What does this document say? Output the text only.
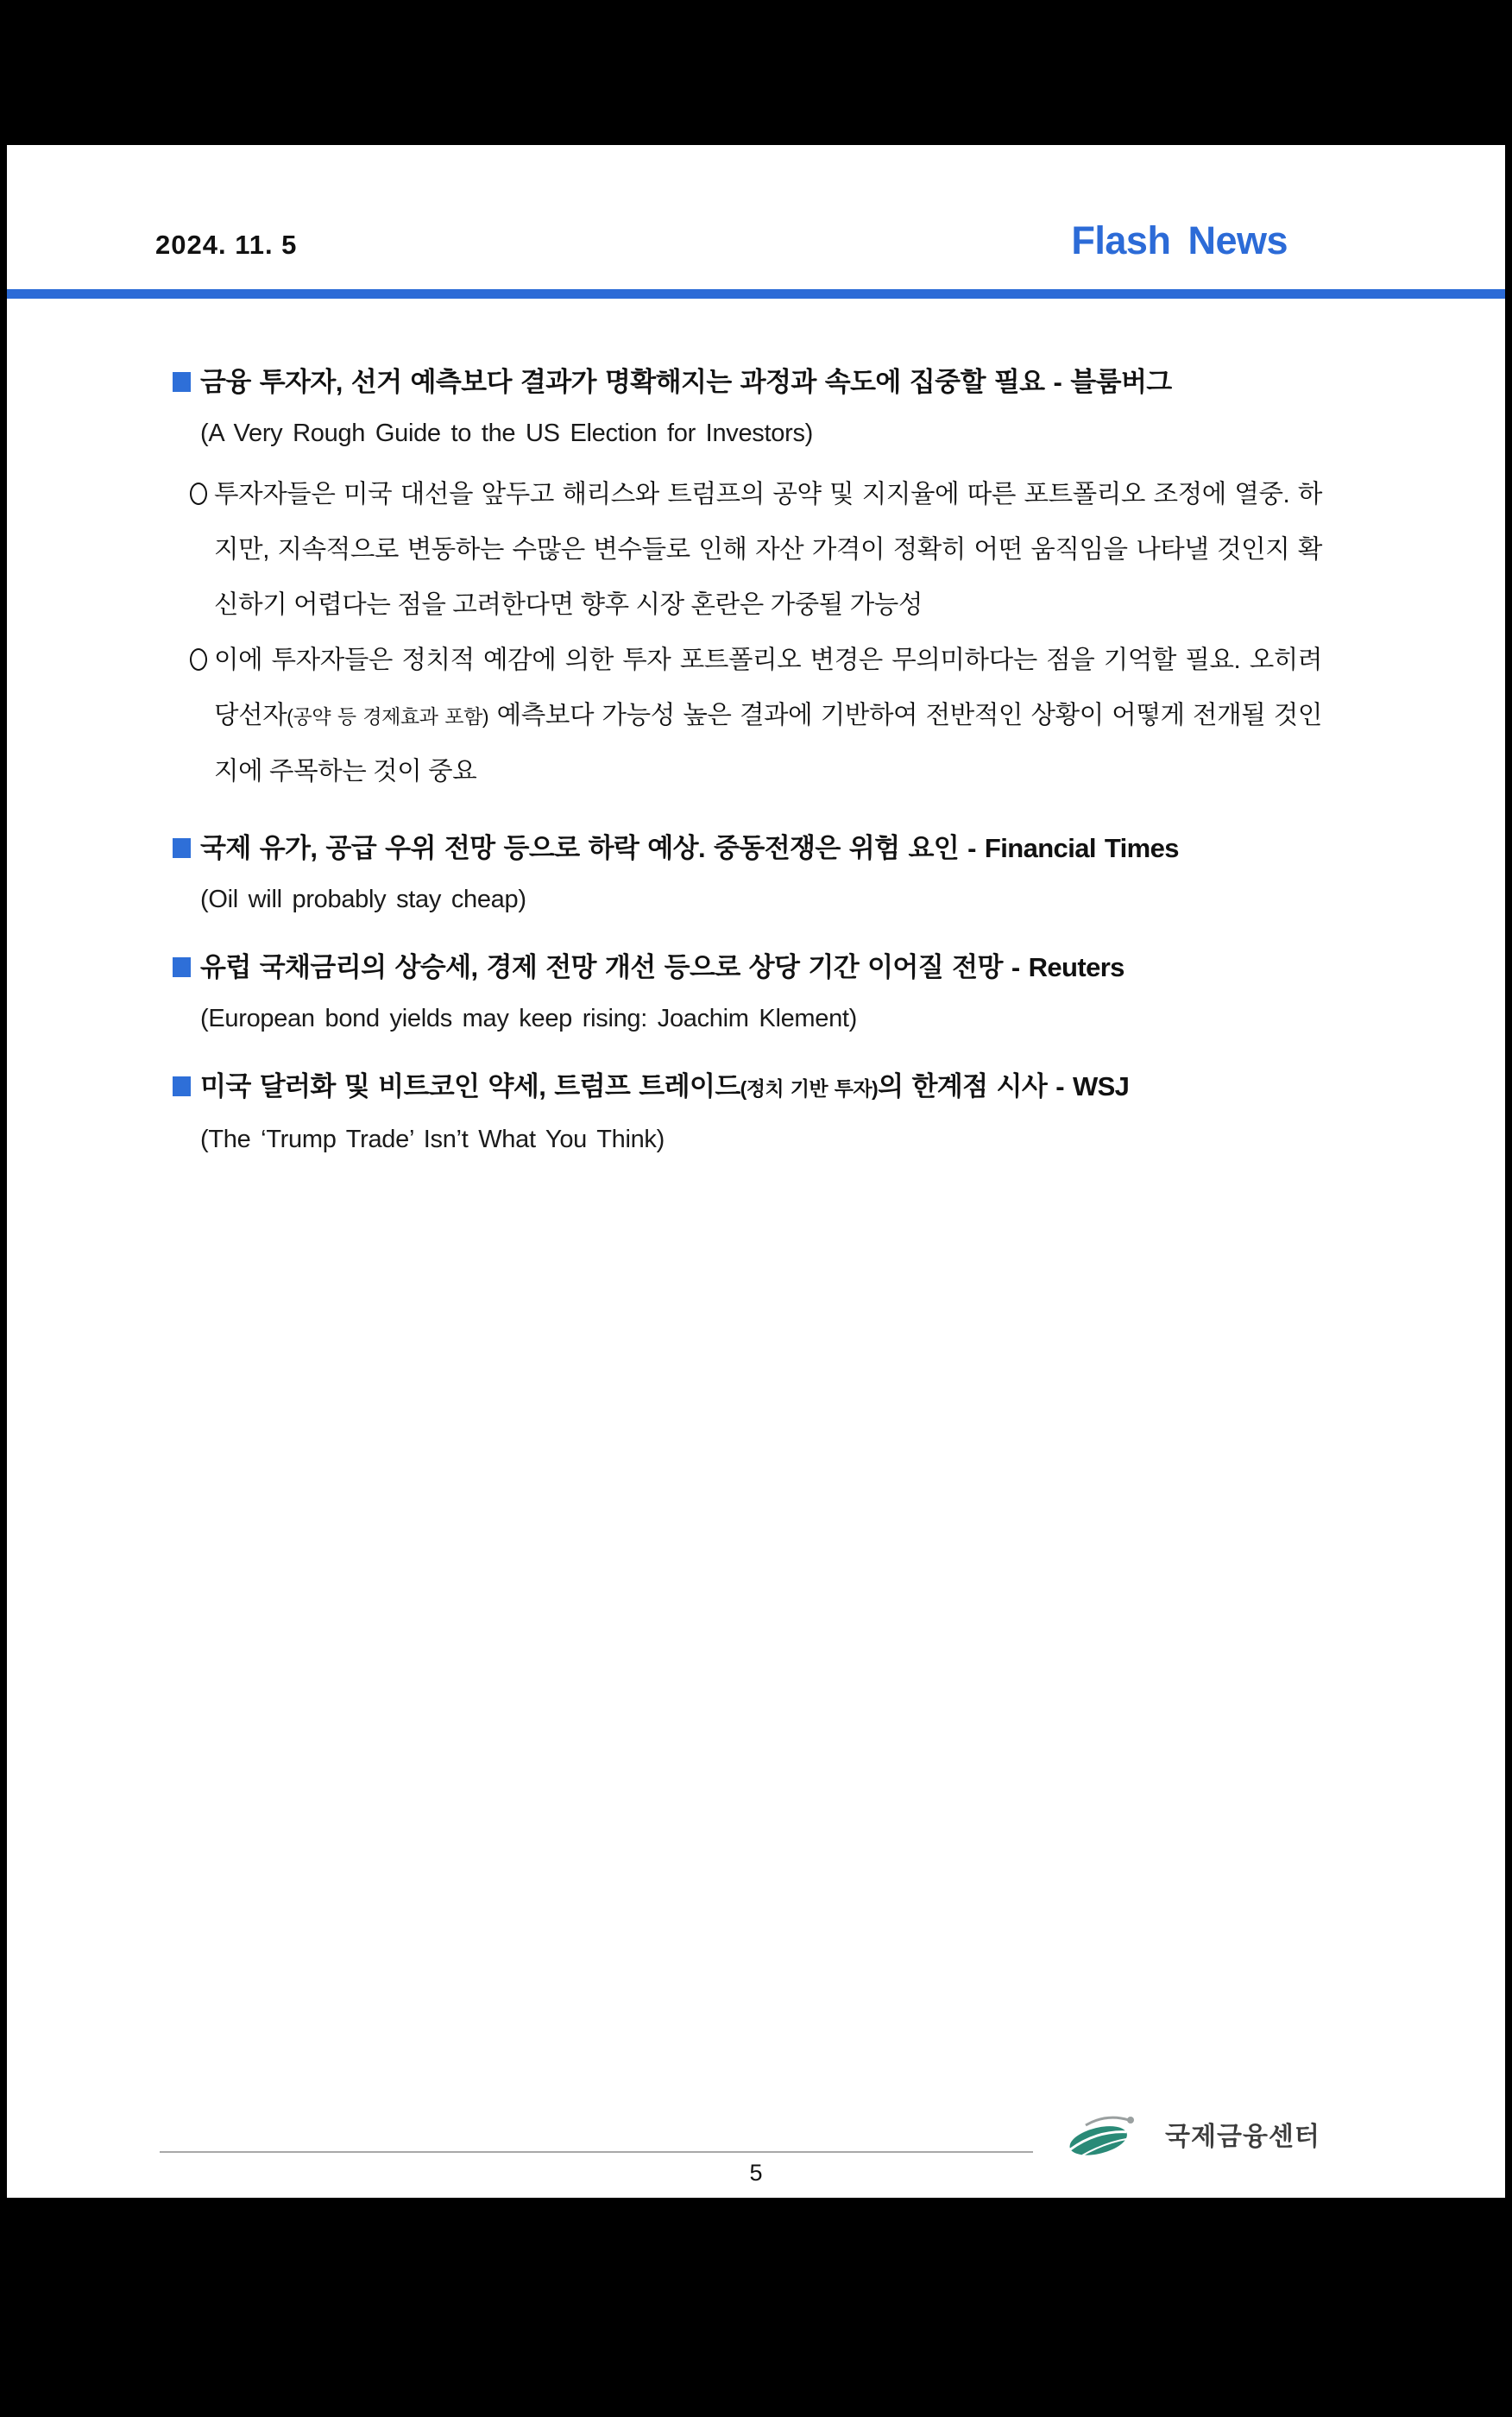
2024. 11. 5	Flash News
금융 투자자, 선거 예측보다 결과가 명확해지는 과정과 속도에 집중할 필요 - 블룸버그

(A Very Rough Guide to the US Election for Investors)

투자자들은 미국 대선을 앞두고 해리스와 트럼프의 공약 및 지지율에 따른 포트폴리오 조정에 열중. 하지만, 지속적으로 변동하는 수많은 변수들로 인해 자산 가격이 정확히 어떤 움직임을 나타낼 것인지 확신하기 어렵다는 점을 고려한다면 향후 시장 혼란은 가중될 가능성

이에 투자자들은 정치적 예감에 의한 투자 포트폴리오 변경은 무의미하다는 점을 기억할 필요. 오히려 당선자(공약 등 경제효과 포함) 예측보다 가능성 높은 결과에 기반하여 전반적인 상황이 어떻게 전개될 것인지에 주목하는 것이 중요

국제 유가, 공급 우위 전망 등으로 하락 예상. 중동전쟁은 위험 요인 - Financial Times

(Oil will probably stay cheap)

유럽 국채금리의 상승세, 경제 전망 개선 등으로 상당 기간 이어질 전망 - Reuters

(European bond yields may keep rising: Joachim Klement)

미국 달러화 및 비트코인 약세, 트럼프 트레이드(정치 기반 투자)의 한계점 시사 - WSJ

(The ‘Trump Trade’ Isn’t What You Think)

국제금융센터
5
